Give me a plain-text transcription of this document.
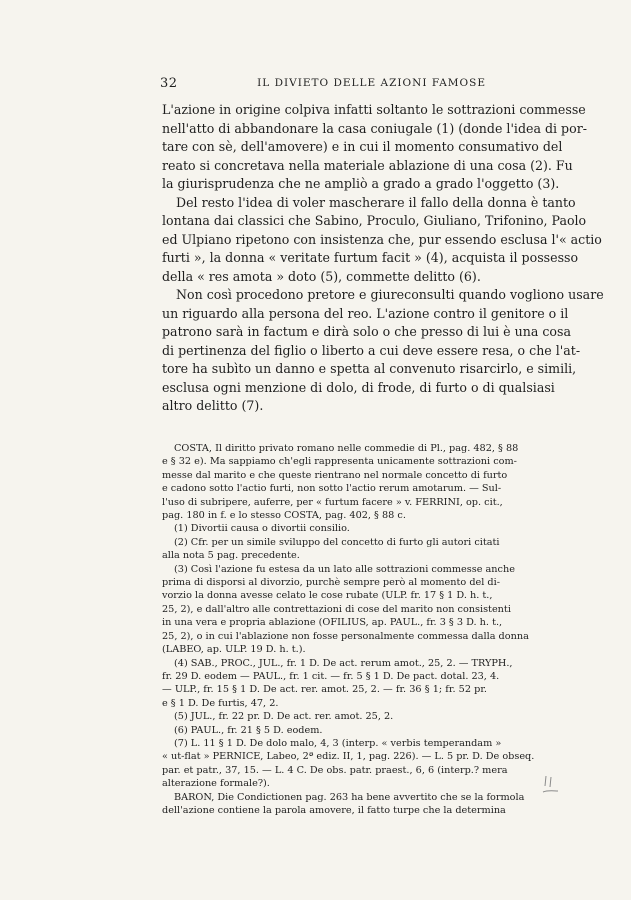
32	IL DIVIETO DELLE AZIONI FAMOSE
L'azione in origine colpiva infatti soltanto le sottrazioni commesse
nell'atto di abbandonare la casa coniugale (1) (donde l'idea di por-
tare con sè, dell'amovere) e in cui il momento consumativo del
reato si concretava nella materiale ablazione di una cosa (2). Fu
la giurisprudenza che ne ampliò a grado a grado l'oggetto (3).
Del resto l'idea di voler mascherare il fallo della donna è tanto
lontana dai classici che Sabino, Proculo, Giuliano, Trifonino, Paolo
ed Ulpiano ripetono con insistenza che, pur essendo esclusa l'« actio
furti », la donna « veritate furtum facit » (4), acquista il possesso
della « res amota » doto (5), commette delitto (6).
Non così procedono pretore e giureconsulti quando vogliono usare
un riguardo alla persona del reo. L'azione contro il genitore o il
patrono sarà in factum e dirà solo o che presso di lui è una cosa
di pertinenza del figlio o liberto a cui deve essere resa, o che l'at-
tore ha subìto un danno e spetta al convenuto risarcirlo, e simili,
esclusa ogni menzione di dolo, di frode, di furto o di qualsiasi
altro delitto (7).
COSTA, Il diritto privato romano nelle commedie di Pl., pag. 482, § 88
e § 32 e). Ma sappiamo ch'egli rappresenta unicamente sottrazioni com-
messe dal marito e che queste rientrano nel normale concetto di furto
e cadono sotto l'actio furti, non sotto l'actio rerum amotarum. — Sul-
l'uso di subripere, auferre, per « furtum facere » v. FERRINI, op. cit.,
pag. 180 in f. e lo stesso COSTA, pag. 402, § 88 c.
(1) Divortii causa o divortii consilio.
(2) Cfr. per un simile sviluppo del concetto di furto gli autori citati
alla nota 5 pag. precedente.
(3) Così l'azione fu estesa da un lato alle sottrazioni commesse anche
prima di disporsi al divorzio, purchè sempre però al momento del di-
vorzio la donna avesse celato le cose rubate (ULP. fr. 17 § 1 D. h. t.,
25, 2), e dall'altro alle contrettazioni di cose del marito non consistenti
in una vera e propria ablazione (OFILIUS, ap. PAUL., fr. 3 § 3 D. h. t.,
25, 2), o in cui l'ablazione non fosse personalmente commessa dalla donna
(LABEO, ap. ULP. 19 D. h. t.).
(4) SAB., PROC., JUL., fr. 1 D. De act. rerum amot., 25, 2. — TRYPH.,
fr. 29 D. eodem — PAUL., fr. 1 cit. — fr. 5 § 1 D. De pact. dotal. 23, 4.
— ULP., fr. 15 § 1 D. De act. rer. amot. 25, 2. — fr. 36 § 1; fr. 52 pr.
e § 1 D. De furtis, 47, 2.
(5) JUL., fr. 22 pr. D. De act. rer. amot. 25, 2.
(6) PAUL., fr. 21 § 5 D. eodem.
(7) L. 11 § 1 D. De dolo malo, 4, 3 (interp. « verbis temperandam »
« ut-flat » PERNICE, Labeo, 2ª ediz. II, 1, pag. 226). — L. 5 pr. D. De obseq.
par. et patr., 37, 15. — L. 4 C. De obs. patr. praest., 6, 6 (interp.? mera
alterazione formale?).
BARON, Die Condictionen pag. 263 ha bene avvertito che se la formola
dell'azione contiene la parola amovere, il fatto turpe che la determina
